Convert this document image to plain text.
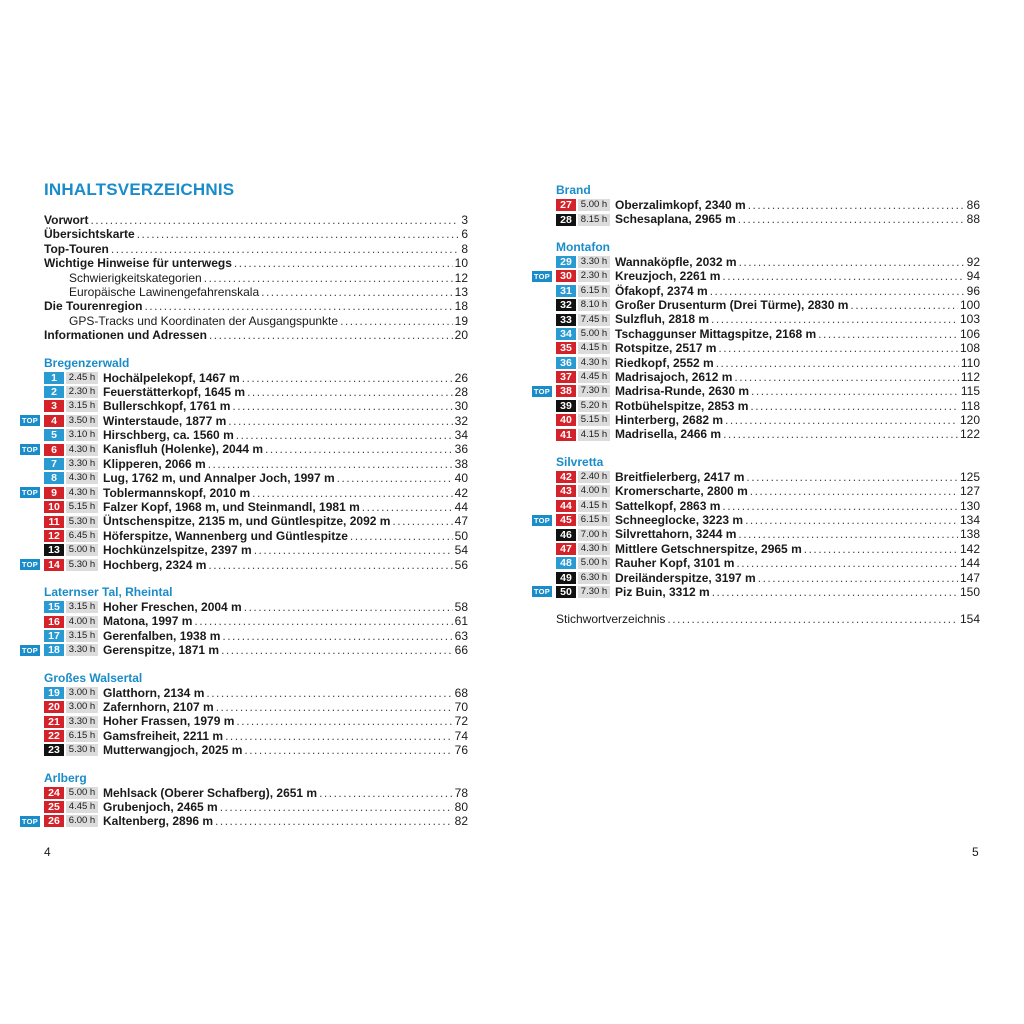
INHALTSVERZEICHNIS
Vorwort .....	3
Übersichtskarte .....	6
Top-Touren .....	8
Wichtige Hinweise für unterwegs .....	10
Schwierigkeitskategorien .....	12
Europäische Lawinengefahrenskala .....	13
Die Tourenregion .....	18
GPS-Tracks und Koordinaten der Ausgangspunkte .....	19
Informationen und Adressen .....	20
Bregenzerwald
1	2.45 h Hochälpelekopf, 1467 m .....	26
2	2.30 h Feuerstätterkopf, 1645 m .....	28
3	3.15 h Bullerschkopf, 1761 m .....	30
TOP	4	3.50 h Winterstaude, 1877 m .....	32
5	3.10 h Hirschberg, ca. 1560 m .....	34
TOP	6	4.30 h Kanisfluh (Holenke), 2044 m .....	36
7	3.30 h Klipperen, 2066 m .....	38
8	4.30 h Lug, 1762 m, und Annalper Joch, 1997 m .....	40
TOP	9	4.30 h Toblermannskopf, 2010 m .....	42
10 5.15 h Falzer Kopf, 1968 m, und Steinmandl, 1981 m .....	44
11 5.30 h Üntschenspitze, 2135 m, und Güntlespitze, 2092 m .....	47
12 6.45 h Höferspitze, Wannenberg und Güntlespitze .....	50
13 5.00 h Hochkünzelspitze, 2397 m .....	54
TOP 14 5.30 h Hochberg, 2324 m .....	56
Laternser Tal, Rheintal
15 3.15 h Hoher Freschen, 2004 m .....	58
16 4.00 h Matona, 1997 m .....	61
17 3.15 h Gerenfalben, 1938 m .....	63
TOP 18 3.30 h Gerenspitze, 1871 m .....	66
Großes Walsertal
19 3.00 h Glatthorn, 2134 m .....	68
20 3.00 h Zafernhorn, 2107 m .....	70
21 3.30 h Hoher Frassen, 1979 m .....	72
22 6.15 h Gamsfreiheit, 2211 m .....	74
23 5.30 h Mutterwangjoch, 2025 m .....	76
Arlberg
24 5.00 h Mehlsack (Oberer Schafberg), 2651 m .....	78
25 4.45 h Grubenjoch, 2465 m .....	80
TOP 26 6.00 h Kaltenberg, 2896 m .....	82
Brand
27 5.00 h Oberzalimkopf, 2340 m .....	86
28 8.15 h Schesaplana, 2965 m .....	88
Montafon
29 3.30 h Wannaköpfle, 2032 m .....	92
TOP 30 2.30 h Kreuzjoch, 2261 m .....	94
31 6.15 h Öfakopf, 2374 m .....	96
32 8.10 h Großer Drusenturm (Drei Türme), 2830 m .....	100
33 7.45 h Sulzfluh, 2818 m .....	103
34 5.00 h Tschaggunser Mittagspitze, 2168 m .....	106
35 4.15 h Rotspitze, 2517 m .....	108
36 4.30 h Riedkopf, 2552 m .....	110
37 4.45 h Madrisajoch, 2612 m .....	112
TOP 38 7.30 h Madrisa-Runde, 2630 m .....	115
39 5.20 h Rotbühelspitze, 2853 m .....	118
40 5.15 h Hinterberg, 2682 m .....	120
41 4.15 h Madrisella, 2466 m .....	122
Silvretta
42 2.40 h Breitfielerberg, 2417 m .....	125
43 4.00 h Kromerscharte, 2800 m .....	127
44 4.15 h Sattelkopf, 2863 m .....	130
TOP 45 6.15 h Schneeglocke, 3223 m .....	134
46 7.00 h Silvrettahorn, 3244 m .....	138
47 4.30 h Mittlere Getschnerspitze, 2965 m .....	142
48 5.00 h Rauher Kopf, 3101 m .....	144
49 6.30 h Dreiländerspitze, 3197 m .....	147
TOP 50 7.30 h Piz Buin, 3312 m .....	150
Stichwortverzeichnis .....	154
4	5
